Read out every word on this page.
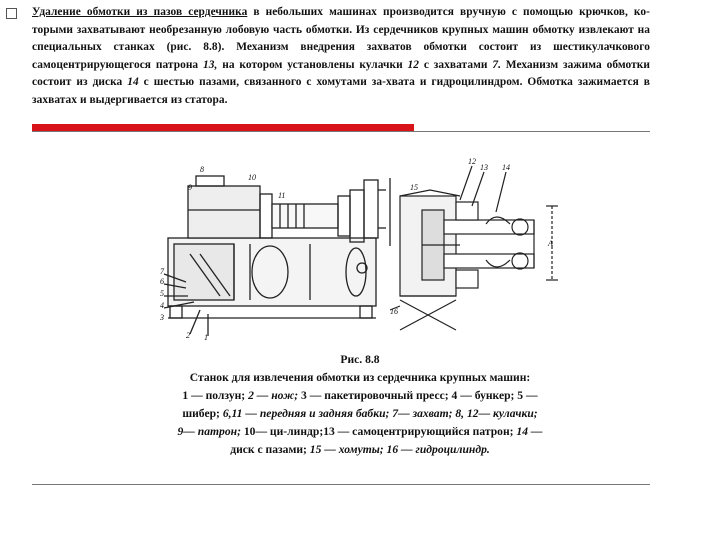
Удаление обмотки из пазов сердечника в небольших машинах производится вручную с помощью крючков, ко-торыми захватывают необрезанную лобовую часть обмотки. Из сердечников крупных машин обмотку извлекают на специальных станках (рис. 8.8). Механизм внедрения захватов обмотки состоит из шестикулачкового самоцентрирующегося патрона 13, на котором установлены кулачки 12 с захватами 7. Механизм зажима обмотки состоит из диска 14 с шестью пазами, связанного с хомутами за-хвата и гидроцилиндром. Обмотка зажимается в захватах и выдергивается из статора.
7
6
5
4
3
2 1
9
8
10
11
12
13 14
15
16
А
Рис. 8.8
Станок для извлечения обмотки из сердечника крупных машин:
1 — ползун; 2 — нож; 3 — пакетировочный пресс; 4 — бункер; 5 —
шибер; 6,11 — передняя и задняя бабки; 7— захват; 8, 12— кулачки;
9— патрон; 10— ци-линдр;13 — самоцентрирующийся патрон; 14 —
диск с пазами; 15 — хомуты; 16 — гидроцилиндр.
